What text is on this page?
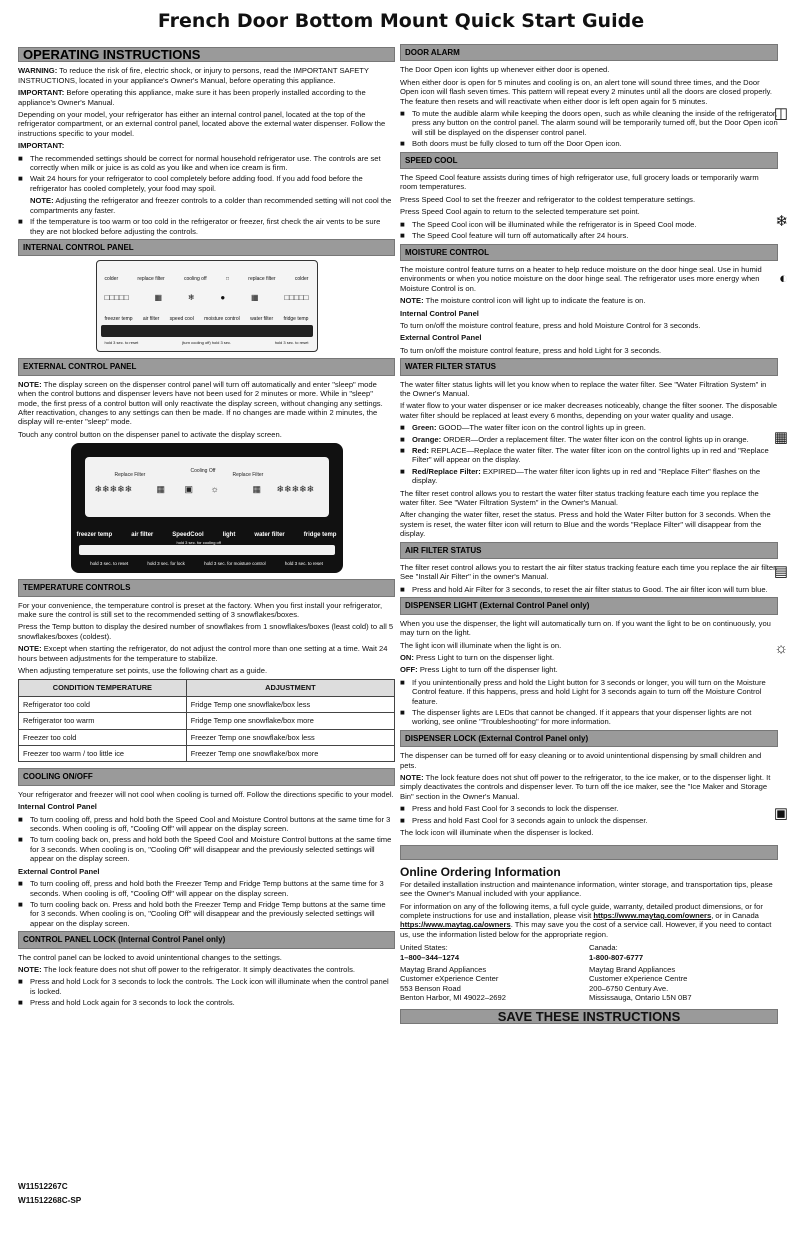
French Door Bottom Mount Quick Start Guide
OPERATING INSTRUCTIONS

WARNING: To reduce the risk of fire, electric shock, or injury to persons, read the IMPORTANT SAFETY INSTRUCTIONS, located in your appliance's Owner's Manual, before operating this appliance.

IMPORTANT: Before operating this appliance, make sure it has been properly installed according to the appliance's Owner's Manual.

Depending on your model, your refrigerator has either an internal control panel, located at the top of the refrigerator compartment, or an external control panel, located above the external water dispenser. Follow the instructions specific to your model.

IMPORTANT:

■ The recommended settings should be correct for normal household refrigerator use. The controls are set correctly when milk or juice is as cold as you like and when ice cream is firm.
■ Wait 24 hours for your refrigerator to cool completely before adding food. If you add food before the refrigerator has cooled completely, your food may spoil.

NOTE: Adjusting the refrigerator and freezer controls to a colder than recommended setting will not cool the compartments any faster.

■ If the temperature is too warm or too cold in the refrigerator or freezer, first check the air vents to be sure they are not blocked before adjusting the controls.
INTERNAL CONTROL PANEL
colder	replace filter	cooling off	□	replace filter	colder
□□□□□	▦	❄	●	▦	□□□□□
freezer temp air filter speed cool moisture control water filter fridge temp
hold 3 sec. to reset	(turn cooling off) hold 3 sec.	hold 3 sec. to reset
EXTERNAL CONTROL PANEL

NOTE: The display screen on the dispenser control panel will turn off automatically and enter "sleep" mode when the control buttons and dispenser levers have not been used for 2 minutes or more. While in "sleep" mode, the first press of a control button will only reactivate the display screen, without changing any settings. After reactivation, changes to any settings can then be made. If no changes are made within 2 minutes, the display will re-enter "sleep" mode.

Touch any control button on the dispenser panel to activate the display screen.

Replace Filter
Cooling Off
Replace Filter
❄❄❄❄❄	▦ ▣ ☼	▦ ❄❄❄❄❄
freezer temp	air filter	SpeedCool	light	water filter	fridge temp
hold 3 sec. for cooling off
hold 3 sec. to reset	hold 3 sec. for lock	hold 3 sec. for moisture control	hold 3 sec. to reset
TEMPERATURE CONTROLS

For your convenience, the temperature control is preset at the factory. When you first install your refrigerator, make sure the control is still set to the recommended setting of 3 snowflakes/boxes.

Press the Temp button to display the desired number of snowflakes from 1 snowflakes/boxes (least cold) to all 5 snowflakes/boxes (coldest).

NOTE: Except when starting the refrigerator, do not adjust the control more than one setting at a time. Wait 24 hours between adjustments for the temperature to stabilize.

When adjusting temperature set points, use the following chart as a guide.

CONDITION TEMPERATURE	ADJUSTMENT
Refrigerator too cold	Fridge Temp one snowflake/box less
Refrigerator too warm	Fridge Temp one snowflake/box more
Freezer too cold	Freezer Temp one snowflake/box less
Freezer too warm / too little ice	Freezer Temp one snowflake/box more
COOLING ON/OFF

Your refrigerator and freezer will not cool when cooling is turned off. Follow the directions specific to your model.

Internal Control Panel

■ To turn cooling off, press and hold both the Speed Cool and Moisture Control buttons at the same time for 3 seconds. When cooling is off, "Cooling Off" will appear on the display screen.
■ To turn cooling back on, press and hold both the Speed Cool and Moisture Control buttons at the same time for 3 seconds. When cooling is on, "Cooling Off" will disappear and the previously selected settings will appear on the display screen.

External Control Panel

■ To turn cooling off, press and hold both the Freezer Temp and Fridge Temp buttons at the same time for 3 seconds. When cooling is off, "Cooling Off" will appear on the display screen.
■ To turn cooling back on. Press and hold both the Freezer Temp and Fridge Temp buttons at the same time for 3 seconds. When cooling is on, "Cooling Off" will disappear and the previously selected settings will appear on the display screen.
CONTROL PANEL LOCK (Internal Control Panel only)

The control panel can be locked to avoid unintentional changes to the settings.

NOTE: The lock feature does not shut off power to the refrigerator. It simply deactivates the controls.

■ Press and hold Lock for 3 seconds to lock the controls. The Lock icon will illuminate when the control panel is locked.
■ Press and hold Lock again for 3 seconds to lock the controls.
W11512267C
W11512268C-SP
DOOR ALARM

The Door Open icon lights up whenever either door is opened.

When either door is open for 5 minutes and cooling is on, an alert tone will sound three times, and the Door Open icon will flash seven times. This pattern will repeat every 2 minutes until all the doors are closed properly. The feature then resets and will reactivate when either door is left open again for 5 minutes.

■ To mute the audible alarm while keeping the doors open, such as while cleaning the inside of the refrigerator, press any button on the control panel. The alarm sound will be temporarily turned off, but the Door Open icon will still be displayed on the dispenser control panel.
■ Both doors must be fully closed to turn off the Door Open icon.
SPEED COOL

The Speed Cool feature assists during times of high refrigerator use, full grocery loads or temporarily warm room temperatures.

Press Speed Cool to set the freezer and refrigerator to the coldest temperature settings.

Press Speed Cool again to return to the selected temperature set point.

■ The Speed Cool icon will be illuminated while the refrigerator is in Speed Cool mode.
■ The Speed Cool feature will turn off automatically after 24 hours.
MOISTURE CONTROL

The moisture control feature turns on a heater to help reduce moisture on the door hinge seal. Use in humid environments or when you notice moisture on the door hinge seal. The refrigerator uses more energy when Moisture Control is on.

NOTE: The moisture control icon will light up to indicate the feature is on.

Internal Control Panel

To turn on/off the moisture control feature, press and hold Moisture Control for 3 seconds.

External Control Panel

To turn on/off the moisture control feature, press and hold Light for 3 seconds.

WATER FILTER STATUS

The water filter status lights will let you know when to replace the water filter. See "Water Filtration System" in the Owner's Manual.

If water flow to your water dispenser or ice maker decreases noticeably, change the filter sooner. The disposable water filter should be replaced at least every 6 months, depending on your water quality and usage.

■ Green: GOOD—The water filter icon on the control lights up in green.
■ Orange: ORDER—Order a replacement filter. The water filter icon on the control lights up in orange.
■ Red: REPLACE—Replace the water filter. The water filter icon on the control lights up in red and "Replace Filter" will appear on the display.
■ Red/Replace Filter: EXPIRED—The water filter icon lights up in red and "Replace Filter" flashes on the display.

The filter reset control allows you to restart the water filter status tracking feature each time you replace the water filter. See "Water Filtration System" in the Owner's Manual.

After changing the water filter, reset the status. Press and hold the Water Filter button for 3 seconds. When the system is reset, the water filter icon will return to Blue and the words "Replace Filter" will disappear from the display.

AIR FILTER STATUS

The filter reset control allows you to restart the air filter status tracking feature each time you replace the air filter. See "Install Air Filter" in the owner's Manual.

■ Press and hold Air Filter for 3 seconds, to reset the air filter status to Good. The air filter icon will turn blue.
DISPENSER LIGHT (External Control Panel only)

When you use the dispenser, the light will automatically turn on. If you want the light to be on continuously, you may turn on the light.

The light icon will illuminate when the light is on.

ON: Press Light to turn on the dispenser light.

OFF: Press Light to turn off the dispenser light.

■ If you unintentionally press and hold the Light button for 3 seconds or longer, you will turn on the Moisture Control feature. If this happens, press and hold Light for 3 seconds again to turn off the Moisture Control feature.
■ The dispenser lights are LEDs that cannot be changed. If it appears that your dispenser lights are not working, see online "Troubleshooting" for more information.
DISPENSER LOCK (External Control Panel only)

The dispenser can be turned off for easy cleaning or to avoid unintentional dispensing by small children and pets.

NOTE: The lock feature does not shut off power to the refrigerator, to the ice maker, or to the dispenser light. It simply deactivates the controls and dispenser lever. To turn off the ice maker, see the "Ice Maker and Storage Bin" section in the Owner's Manual.

■ Press and hold Fast Cool for 3 seconds to lock the dispenser.
■ Press and hold Fast Cool for 3 seconds again to unlock the dispenser.

The lock icon will illuminate when the dispenser is locked.

Online Ordering Information

For detailed installation instruction and maintenance information, winter storage, and transportation tips, please see the Owner's Manual included with your appliance.

For information on any of the following items, a full cycle guide, warranty, detailed product dimensions, or for complete instructions for use and installation, please visit https://www.maytag.com/owners, or in Canada https://www.maytag.ca/owners. This may save you the cost of a service call. However, if you need to contact us, use the information listed below for the appropriate region.

United States:
1–800–344–1274
Maytag Brand Appliances
Customer eXperience Center
553 Benson Road
Benton Harbor, MI 49022–2692
Canada:
1-800-807-6777
Maytag Brand Appliances
Customer eXperience Centre
200–6750 Century Ave.
Mississauga, Ontario L5N 0B7
SAVE THESE INSTRUCTIONS
◫
❄
◐
▦
▤
☼
▣
